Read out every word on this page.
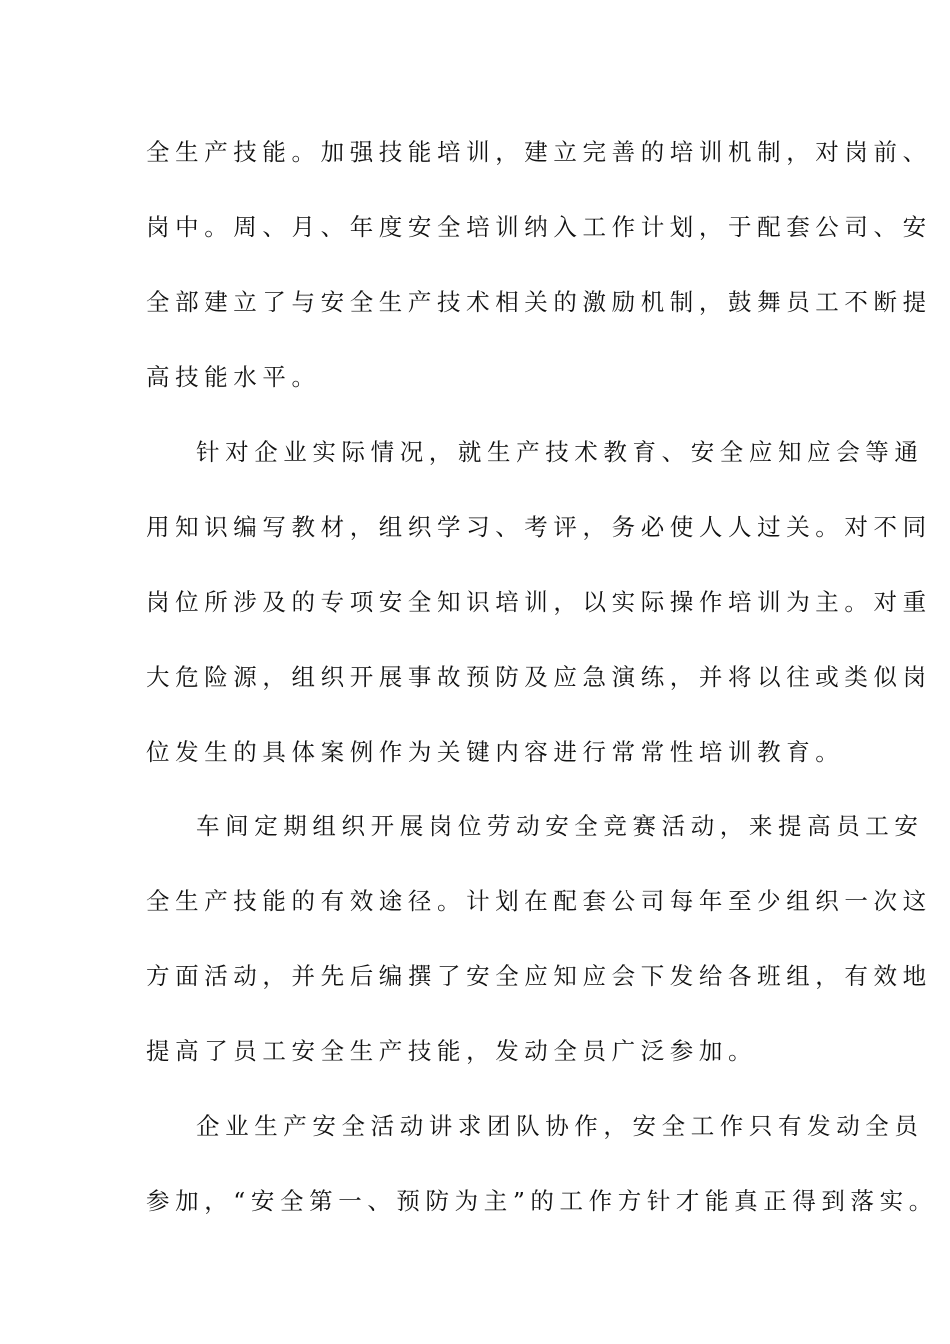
全生产技能。加强技能培训，建立完善的培训机制，对岗前、
岗中。周、月、年度安全培训纳入工作计划，于配套公司、安
全部建立了与安全生产技术相关的激励机制，鼓舞员工不断提
高技能水平。
针对企业实际情况，就生产技术教育、安全应知应会等通
用知识编写教材，组织学习、考评，务必使人人过关。对不同
岗位所涉及的专项安全知识培训，以实际操作培训为主。对重
大危险源，组织开展事故预防及应急演练，并将以往或类似岗
位发生的具体案例作为关键内容进行常常性培训教育。
车间定期组织开展岗位劳动安全竞赛活动，来提高员工安
全生产技能的有效途径。计划在配套公司每年至少组织一次这
方面活动，并先后编撰了安全应知应会下发给各班组，有效地
提高了员工安全生产技能，发动全员广泛参加。
企业生产安全活动讲求团队协作，安全工作只有发动全员
参加，“安全第一、预防为主”的工作方针才能真正得到落实。
